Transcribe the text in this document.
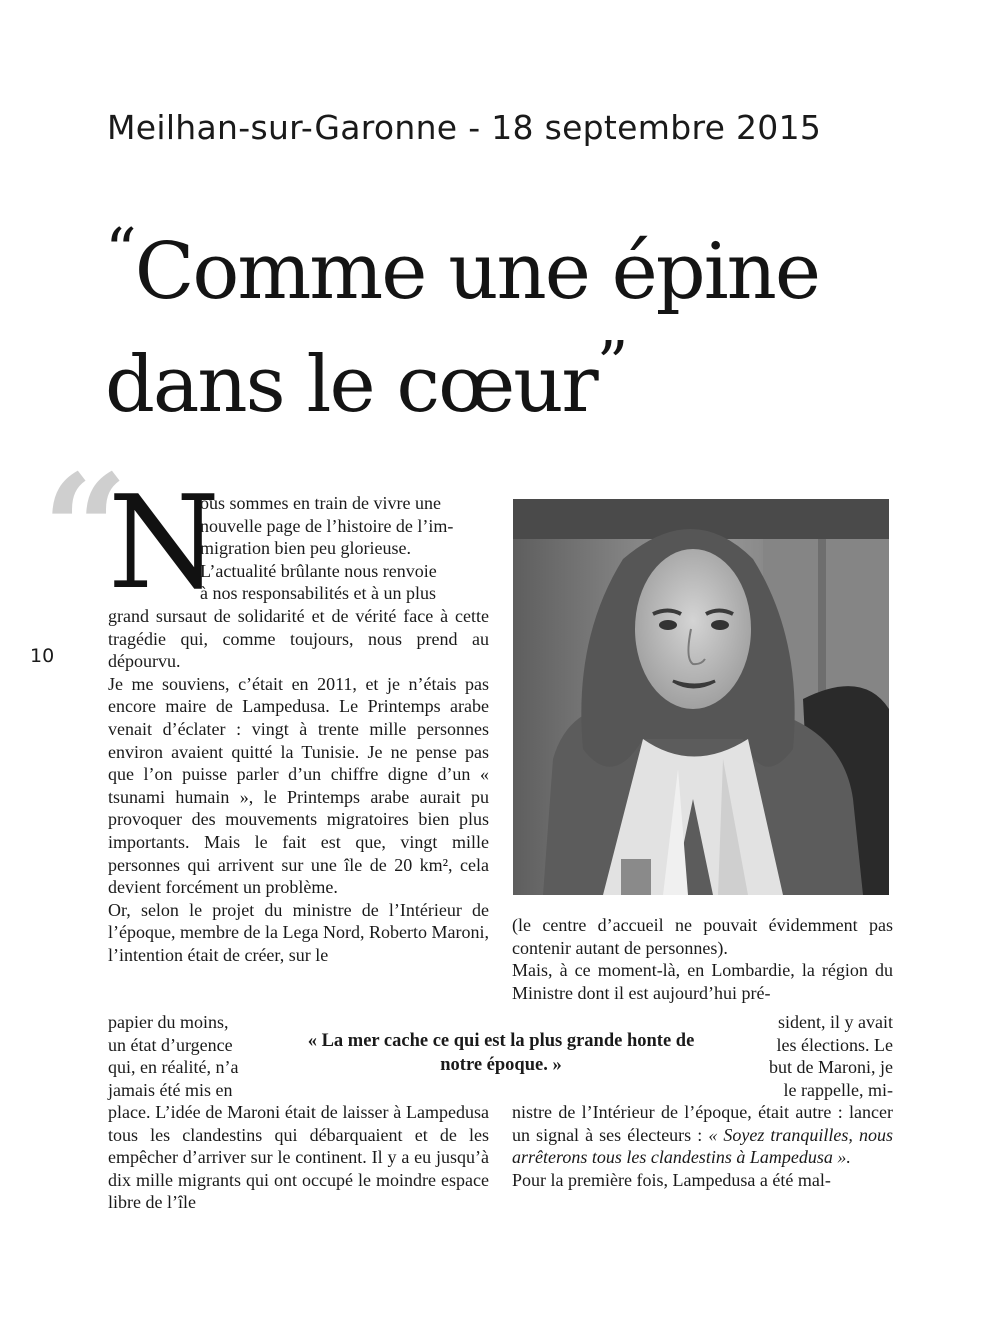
Meilhan-sur-Garonne - 18 septembre 2015
“Comme une épine
dans le cœur”
10
“
N

ous sommes en train de vivre une

nouvelle page de l’histoire de l’im-

migration bien peu glorieuse.

L’actualité brûlante nous renvoie

à nos responsabilités et à un plus

grand sursaut de solidarité et de vérité face à cette tragédie qui, comme toujours, nous prend au dépourvu.

Je me souviens, c’était en 2011, et je n’étais pas encore maire de Lampedusa. Le Printemps arabe venait d’éclater : vingt à trente mille personnes environ avaient quitté la Tunisie. Je ne pense pas que l’on puisse parler d’un chiffre digne d’un « tsunami humain », le Printemps arabe aurait pu provoquer des mouvements migratoires bien plus importants. Mais le fait est que, vingt mille personnes qui arrivent sur une île de 20 km², cela devient forcément un problème.

Or, selon le projet du ministre de l’Intérieur de l’époque, membre de la Lega Nord, Roberto Maroni, l’intention était de créer, sur le

papier du moins,

un état d’urgence

qui, en réalité, n’a

jamais été mis en

place. L’idée de Maroni était de laisser à Lampedusa tous les clandestins qui débarquaient et de les empêcher d’arriver sur le continent. Il y a eu jusqu’à dix mille migrants qui ont occupé le moindre espace libre de l’île

(le centre d’accueil ne pouvait évidemment pas contenir autant de personnes).

Mais, à ce moment-là, en Lombardie, la région du Ministre dont il est aujourd’hui pré-

sident, il y avait

les élections. Le

but de Maroni, je

le rappelle, mi-

nistre de l’Intérieur de l’époque, était autre : lancer un signal à ses électeurs : « Soyez tranquilles, nous arrêterons tous les clandestins à Lampedusa ».

Pour la première fois, Lampedusa a été mal-

« La mer cache ce qui est la plus grande honte de notre époque. »
